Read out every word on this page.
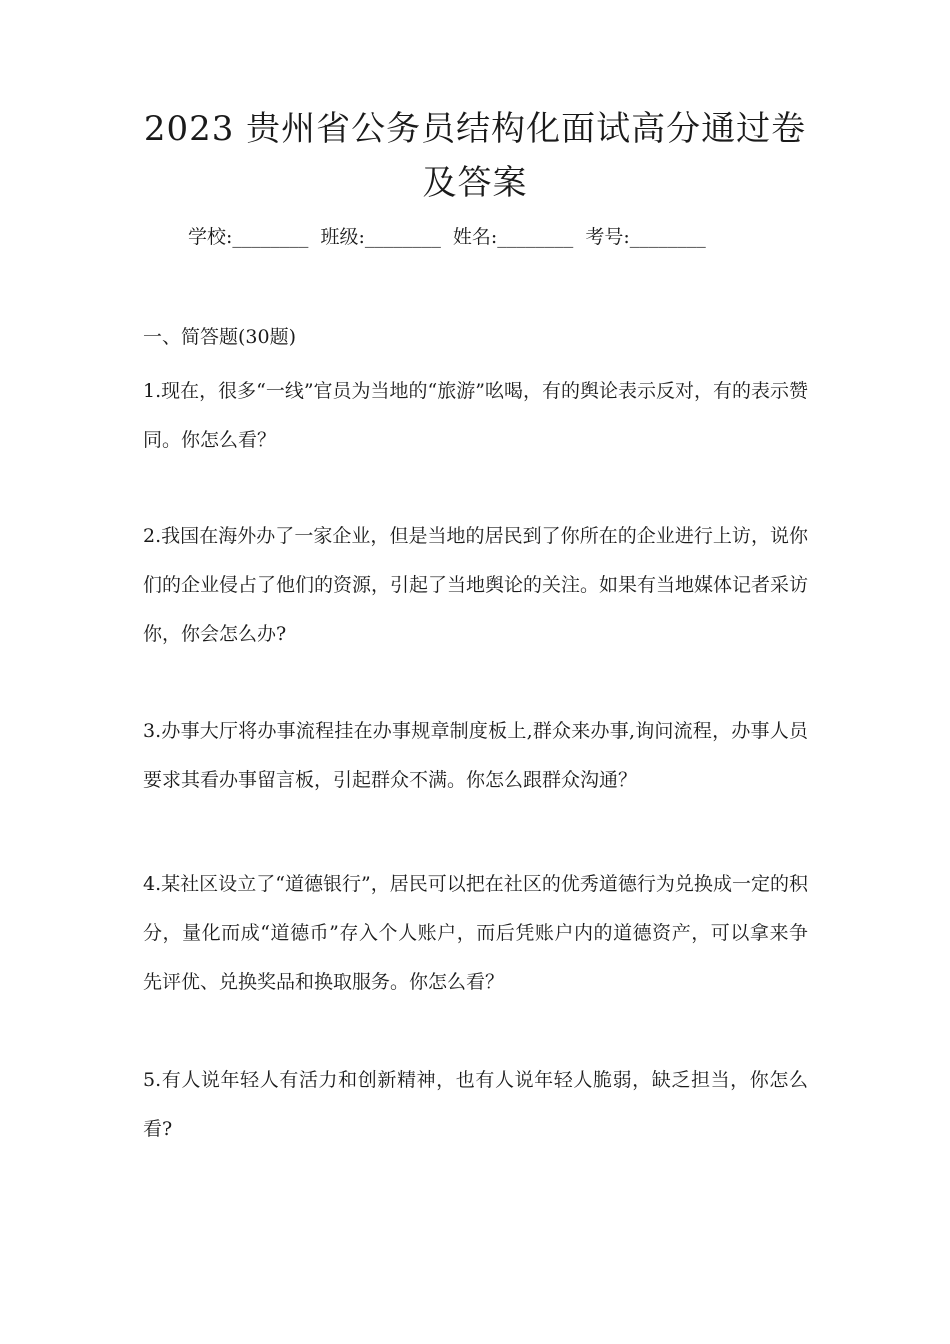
2023 贵州省公务员结构化面试高分通过卷
及答案
学校:________ 班级:________ 姓名:________ 考号:________
一、简答题(30题)
1.现在，很多“一线”官员为当地的“旅游”吆喝，有的舆论表示反对，有的表示赞同。你怎么看？
2.我国在海外办了一家企业，但是当地的居民到了你所在的企业进行上访，说你们的企业侵占了他们的资源，引起了当地舆论的关注。如果有当地媒体记者采访你，你会怎么办?
3.办事大厅将办事流程挂在办事规章制度板上,群众来办事,询问流程，办事人员要求其看办事留言板，引起群众不满。你怎么跟群众沟通？
4.某社区设立了“道德银行”，居民可以把在社区的优秀道德行为兑换成一定的积分，量化而成“道德币”存入个人账户，而后凭账户内的道德资产，可以拿来争先评优、兑换奖品和换取服务。你怎么看？
5.有人说年轻人有活力和创新精神，也有人说年轻人脆弱，缺乏担当，你怎么看?
